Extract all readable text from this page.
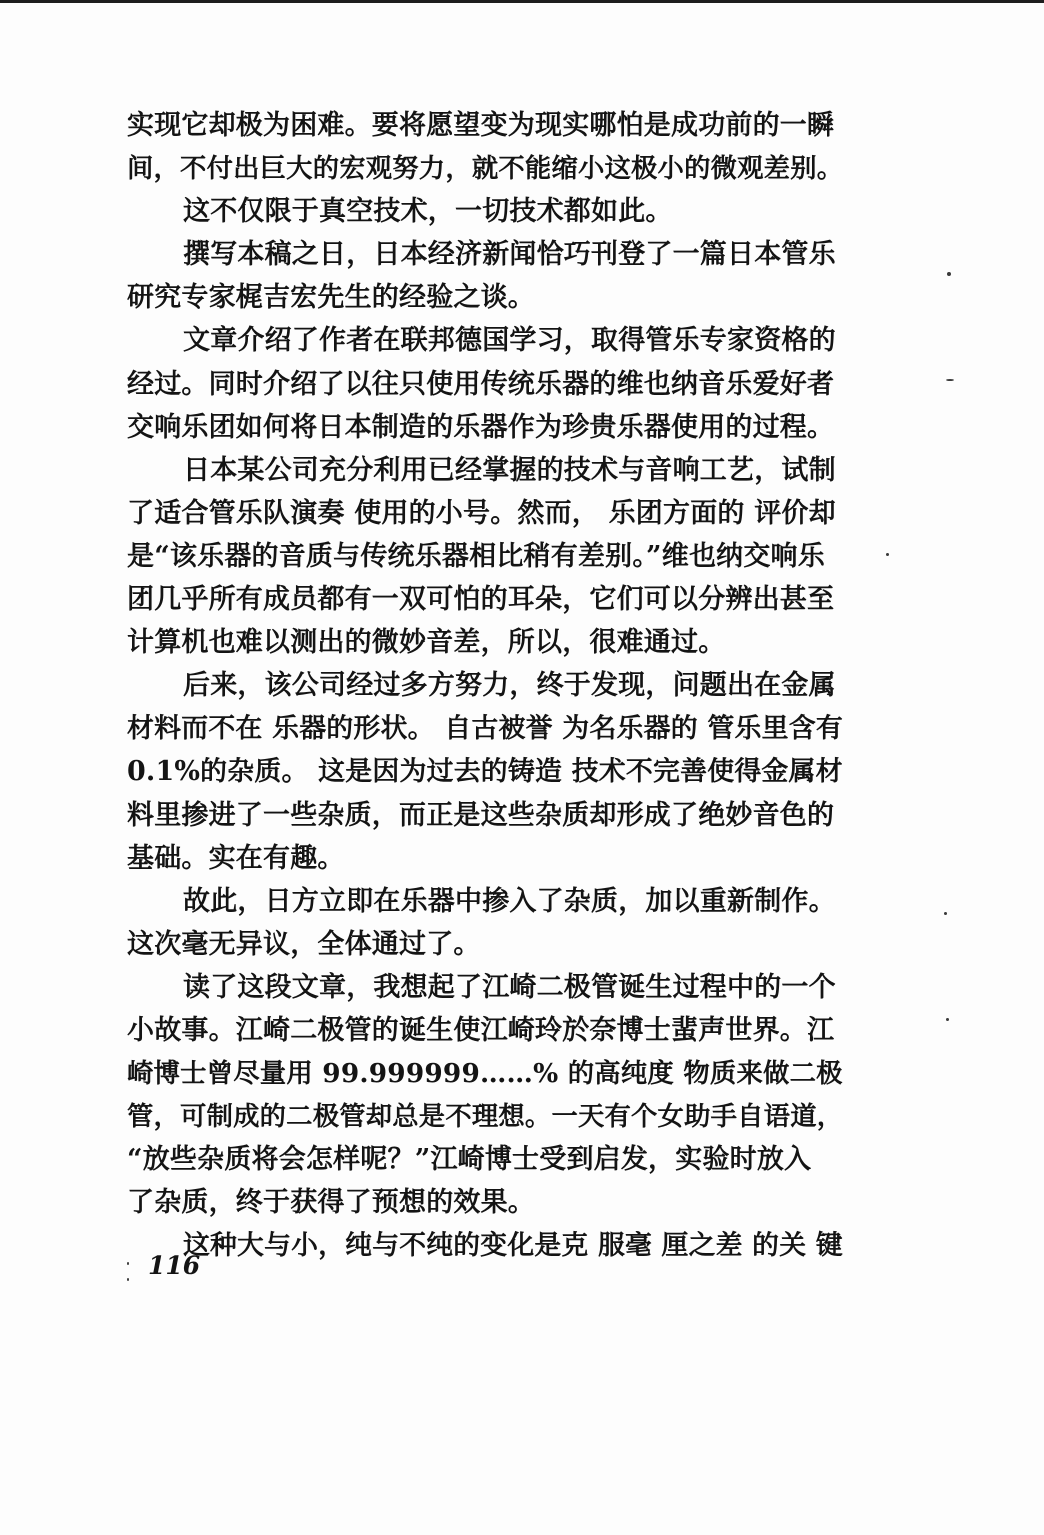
实现它却极为困难。要将愿望变为现实哪怕是成功前的一瞬
间，不付出巨大的宏观努力，就不能缩小这极小的微观差别。
这不仅限于真空技术，一切技术都如此。
撰写本稿之日，日本经济新闻恰巧刊登了一篇日本管乐
研究专家梶吉宏先生的经验之谈。
文章介绍了作者在联邦德国学习，取得管乐专家资格的
经过。同时介绍了以往只使用传统乐器的维也纳音乐爱好者
交响乐团如何将日本制造的乐器作为珍贵乐器使用的过程。
日本某公司充分利用已经掌握的技术与音响工艺，试制
了适合管乐队演奏 使用的小号。然而， 乐团方面的 评价却
是“该乐器的音质与传统乐器相比稍有差别。”维也纳交响乐
团几乎所有成员都有一双可怕的耳朵，它们可以分辨出甚至
计算机也难以测出的微妙音差，所以，很难通过。
后来，该公司经过多方努力，终于发现，问题出在金属
材料而不在 乐器的形状。 自古被誉 为名乐器的 管乐里含有
0.1%的杂质。 这是因为过去的铸造 技术不完善使得金属材
料里掺进了一些杂质，而正是这些杂质却形成了绝妙音色的
基础。实在有趣。
故此，日方立即在乐器中掺入了杂质，加以重新制作。
这次毫无异议，全体通过了。
读了这段文章，我想起了江崎二极管诞生过程中的一个
小故事。江崎二极管的诞生使江崎玲於奈博士蜚声世界。江
崎博士曾尽量用 99.999999……% 的高纯度 物质来做二极
管，可制成的二极管却总是不理想。一天有个女助手自语道，
“放些杂质将会怎样呢？”江崎博士受到启发，实验时放入
了杂质，终于获得了预想的效果。
这种大与小，纯与不纯的变化是克 服毫 厘之差 的关 键
116
